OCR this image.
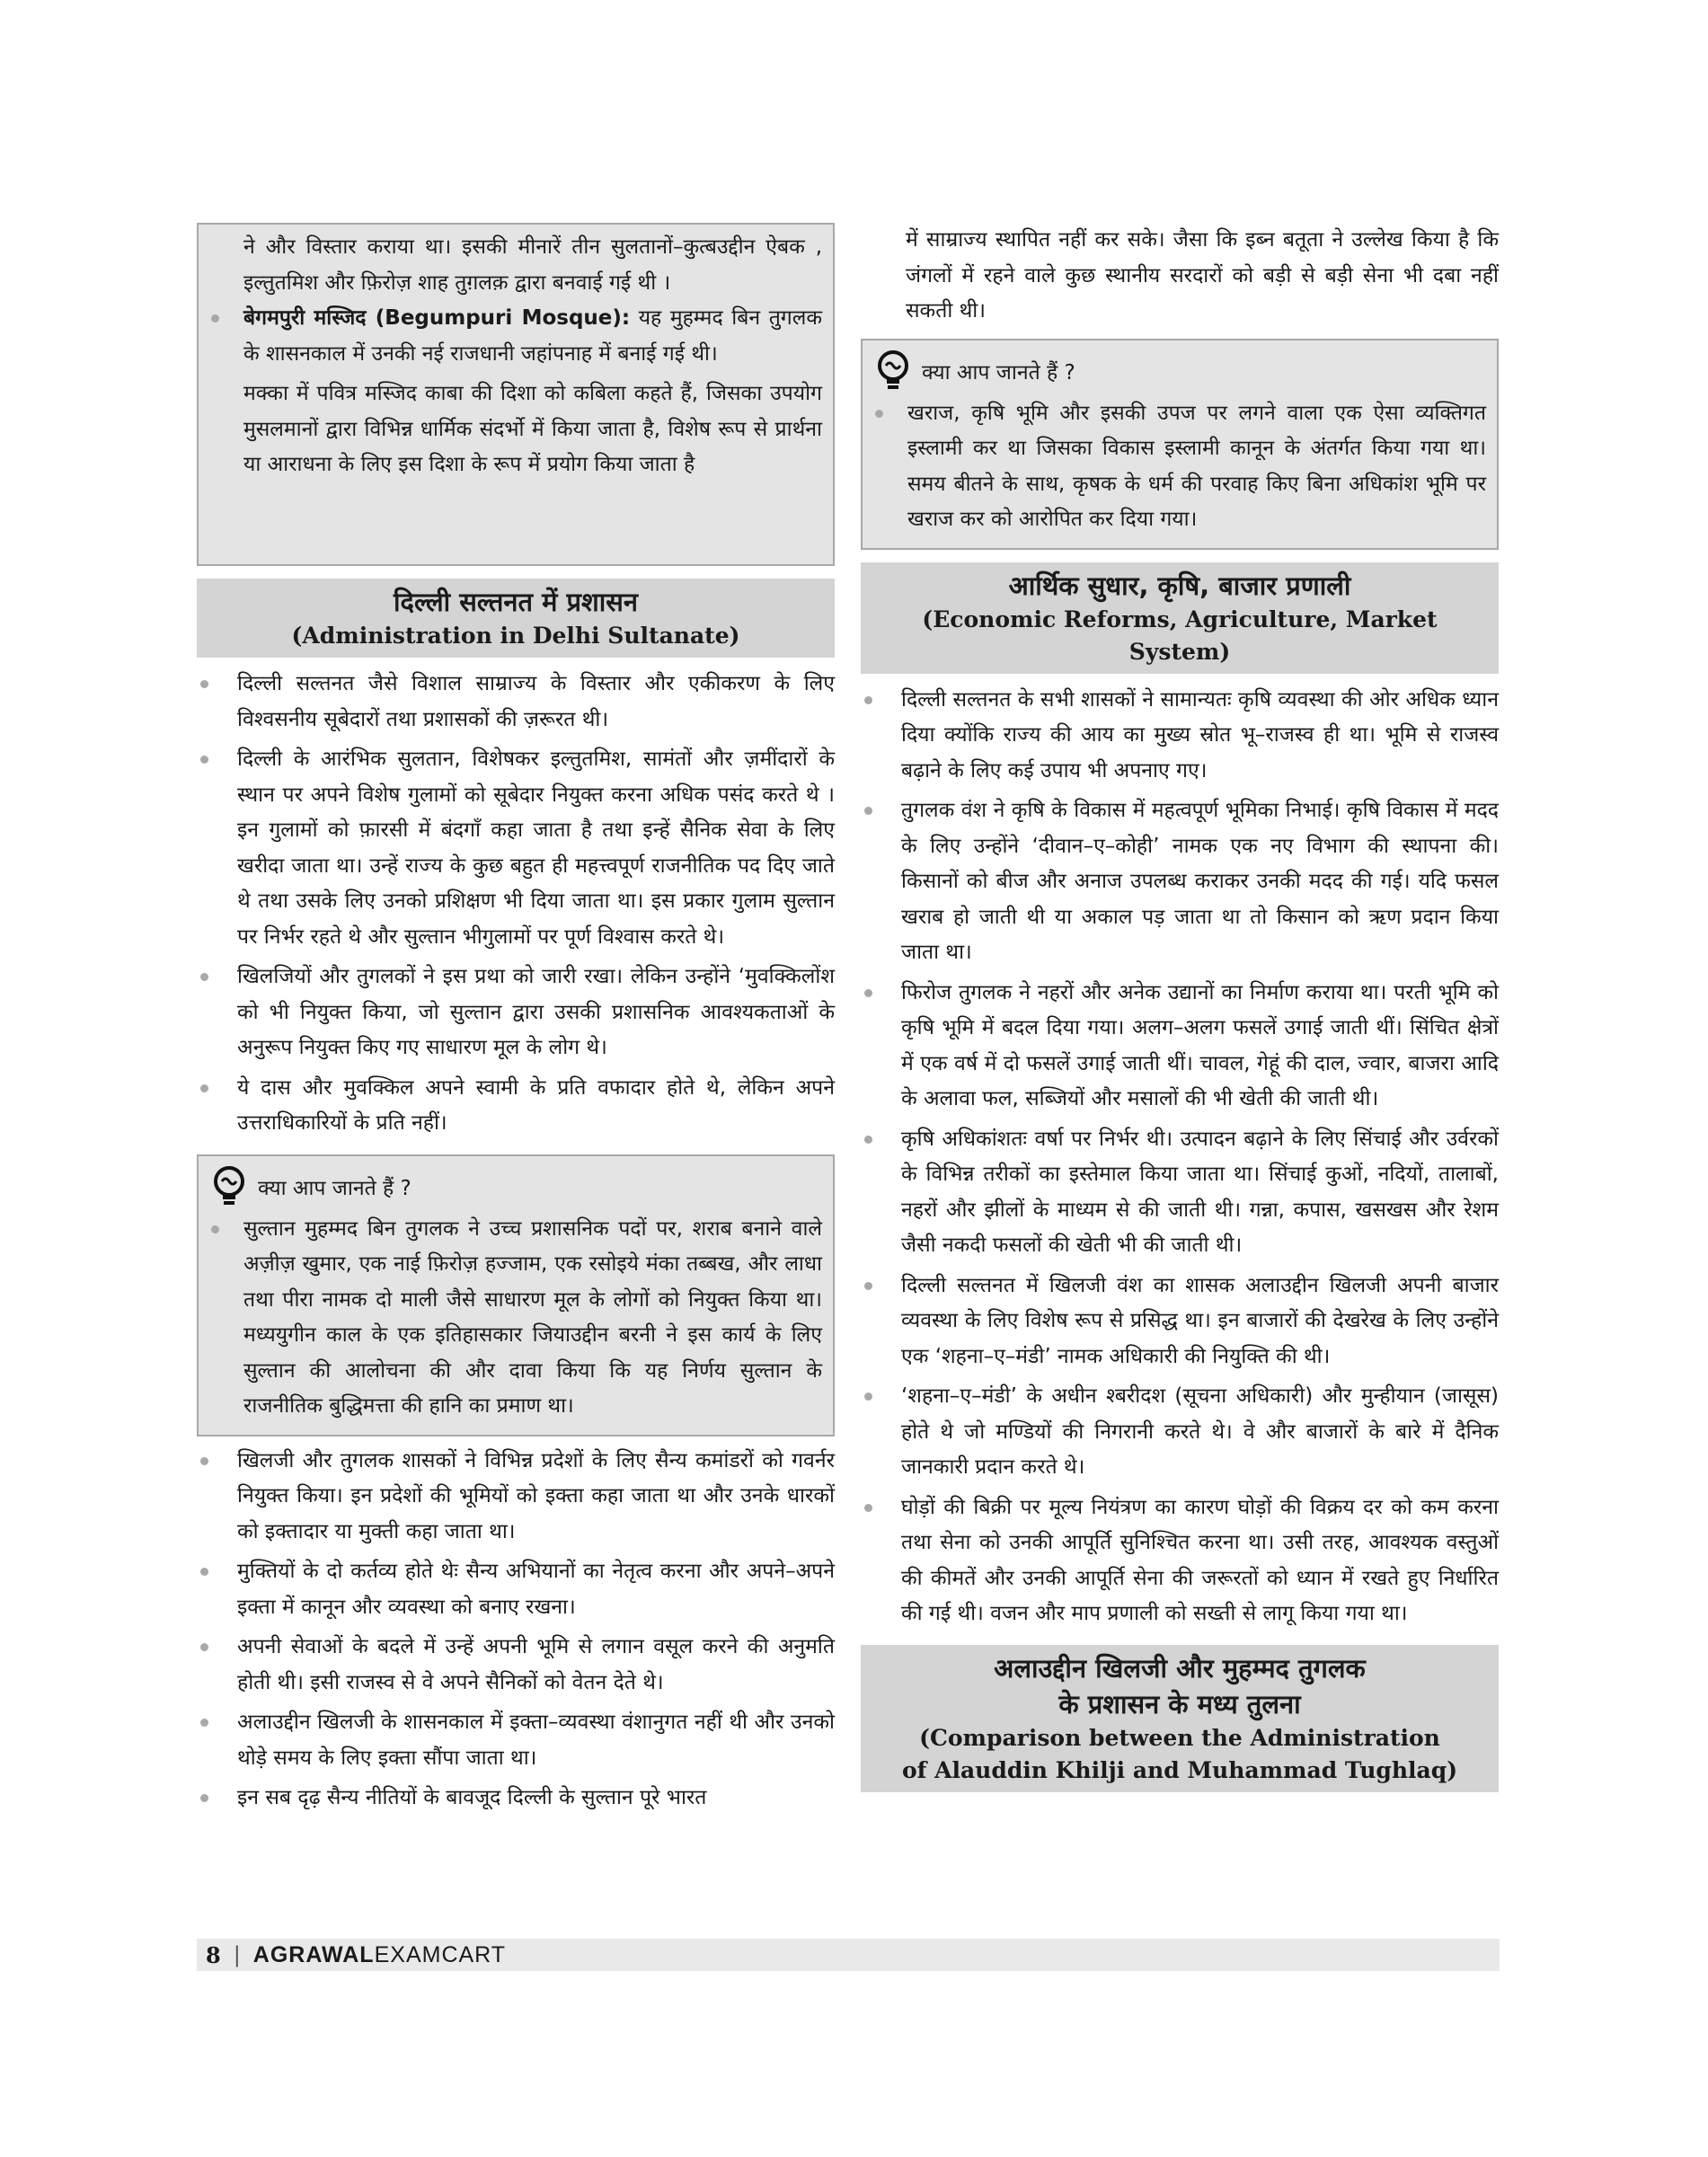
ने और विस्तार कराया था। इसकी मीनारें तीन सुलतानों–कुत्बउद्दीन ऐबक , इल्तुतमिश और फ़िरोज़ शाह तुग़लक़ द्वारा बनवाई गई थी ।

बेगमपुरी मस्जिद (Begumpuri Mosque): यह मुहम्मद बिन तुगलक के शासनकाल में उनकी नई राजधानी जहांपनाह में बनाई गई थी।

मक्का में पवित्र मस्जिद काबा की दिशा को कबिला कहते हैं, जिसका उपयोग मुसलमानों द्वारा विभिन्न धार्मिक संदर्भो में किया जाता है, विशेष रूप से प्रार्थना या आराधना के लिए इस दिशा के रूप में प्रयोग किया जाता है

दिल्ली सल्तनत में प्रशासन
(Administration in Delhi Sultanate)
दिल्ली सल्तनत जैसे विशाल साम्राज्य के विस्तार और एकीकरण के लिए विश्वसनीय सूबेदारों तथा प्रशासकों की ज़रूरत थी।
दिल्ली के आरंभिक सुलतान, विशेषकर इल्तुतमिश, सामंतों और ज़मींदारों के स्थान पर अपने विशेष गुलामों को सूबेदार नियुक्त करना अधिक पसंद करते थे । इन गुलामों को फ़ारसी में बंदगाँ कहा जाता है तथा इन्हें सैनिक सेवा के लिए खरीदा जाता था। उन्हें राज्य के कुछ बहुत ही महत्त्वपूर्ण राजनीतिक पद दिए जाते थे तथा उसके लिए उनको प्रशिक्षण भी दिया जाता था। इस प्रकार गुलाम सुल्तान पर निर्भर रहते थे और सुल्तान भीगुलामों पर पूर्ण विश्वास करते थे।
खिलजियों और तुगलकों ने इस प्रथा को जारी रखा। लेकिन उन्होंने ‘मुवक्किलोंश को भी नियुक्त किया, जो सुल्तान द्वारा उसकी प्रशासनिक आवश्यकताओं के अनुरूप नियुक्त किए गए साधारण मूल के लोग थे।
ये दास और मुवक्किल अपने स्वामी के प्रति वफादार होते थे, लेकिन अपने उत्तराधिकारियों के प्रति नहीं।
क्या आप जानते हैं ?
सुल्तान मुहम्मद बिन तुगलक ने उच्च प्रशासनिक पदों पर, शराब बनाने वाले अज़ीज़ खुमार, एक नाई फ़िरोज़ हज्जाम, एक रसोइये मंका तब्बख, और लाधा तथा पीरा नामक दो माली जैसे साधारण मूल के लोगों को नियुक्त किया था। मध्ययुगीन काल के एक इतिहासकार जियाउद्दीन बरनी ने इस कार्य के लिए सुल्तान की आलोचना की और दावा किया कि यह निर्णय सुल्तान के राजनीतिक बुद्धिमत्ता की हानि का प्रमाण था।
खिलजी और तुगलक शासकों ने विभिन्न प्रदेशों के लिए सैन्य कमांडरों को गवर्नर नियुक्त किया। इन प्रदेशों की भूमियों को इक्ता कहा जाता था और उनके धारकों को इक्तादार या मुक्ती कहा जाता था।
मुक्तियों के दो कर्तव्य होते थेः सैन्य अभियानों का नेतृत्व करना और अपने–अपने इक्ता में कानून और व्यवस्था को बनाए रखना।
अपनी सेवाओं के बदले में उन्हें अपनी भूमि से लगान वसूल करने की अनुमति होती थी। इसी राजस्व से वे अपने सैनिकों को वेतन देते थे।
अलाउद्दीन खिलजी के शासनकाल में इक्ता–व्यवस्था वंशानुगत नहीं थी और उनको थोड़े समय के लिए इक्ता सौंपा जाता था।
इन सब दृढ़ सैन्य नीतियों के बावजूद दिल्ली के सुल्तान पूरे भारत

में साम्राज्य स्थापित नहीं कर सके। जैसा कि इब्न बतूता ने उल्लेख किया है कि जंगलों में रहने वाले कुछ स्थानीय सरदारों को बड़ी से बड़ी सेना भी दबा नहीं सकती थी।

क्या आप जानते हैं ?
खराज, कृषि भूमि और इसकी उपज पर लगने वाला एक ऐसा व्यक्तिगत इस्लामी कर था जिसका विकास इस्लामी कानून के अंतर्गत किया गया था। समय बीतने के साथ, कृषक के धर्म की परवाह किए बिना अधिकांश भूमि पर खराज कर को आरोपित कर दिया गया।
आर्थिक सुधार, कृषि, बाजार प्रणाली
(Economic Reforms, Agriculture, Market System)
दिल्ली सल्तनत के सभी शासकों ने सामान्यतः कृषि व्यवस्था की ओर अधिक ध्यान दिया क्योंकि राज्य की आय का मुख्य स्रोत भू–राजस्व ही था। भूमि से राजस्व बढ़ाने के लिए कई उपाय भी अपनाए गए।
तुगलक वंश ने कृषि के विकास में महत्वपूर्ण भूमिका निभाई। कृषि विकास में मदद के लिए उन्होंने ‘दीवान–ए–कोही’ नामक एक नए विभाग की स्थापना की। किसानों को बीज और अनाज उपलब्ध कराकर उनकी मदद की गई। यदि फसल खराब हो जाती थी या अकाल पड़ जाता था तो किसान को ऋण प्रदान किया जाता था।
फिरोज तुगलक ने नहरों और अनेक उद्यानों का निर्माण कराया था। परती भूमि को कृषि भूमि में बदल दिया गया। अलग–अलग फसलें उगाई जाती थीं। सिंचित क्षेत्रों में एक वर्ष में दो फसलें उगाई जाती थीं। चावल, गेहूं की दाल, ज्वार, बाजरा आदि के अलावा फल, सब्जियों और मसालों की भी खेती की जाती थी।
कृषि अधिकांशतः वर्षा पर निर्भर थी। उत्पादन बढ़ाने के लिए सिंचाई और उर्वरकों के विभिन्न तरीकों का इस्तेमाल किया जाता था। सिंचाई कुओं, नदियों, तालाबों, नहरों और झीलों के माध्यम से की जाती थी। गन्ना, कपास, खसखस और रेशम जैसी नकदी फसलों की खेती भी की जाती थी।
दिल्ली सल्तनत में खिलजी वंश का शासक अलाउद्दीन खिलजी अपनी बाजार व्यवस्था के लिए विशेष रूप से प्रसिद्ध था। इन बाजारों की देखरेख के लिए उन्होंने एक ‘शहना–ए–मंडी’ नामक अधिकारी की नियुक्ति की थी।
‘शहना–ए–मंडी’ के अधीन श्बरीदश (सूचना अधिकारी) और मुन्हीयान (जासूस) होते थे जो मण्डियों की निगरानी करते थे। वे और बाजारों के बारे में दैनिक जानकारी प्रदान करते थे।
घोड़ों की बिक्री पर मूल्य नियंत्रण का कारण घोड़ों की विक्रय दर को कम करना तथा सेना को उनकी आपूर्ति सुनिश्चित करना था। उसी तरह, आवश्यक वस्तुओं की कीमतें और उनकी आपूर्ति सेना की जरूरतों को ध्यान में रखते हुए निर्धारित की गई थी। वजन और माप प्रणाली को सख्ती से लागू किया गया था।
अलाउद्दीन खिलजी और मुहम्मद तुगलक
के प्रशासन के मध्य तुलना
(Comparison between the Administration
of Alauddin Khilji and Muhammad Tughlaq)
8 | AGRAWALEXAMCART
